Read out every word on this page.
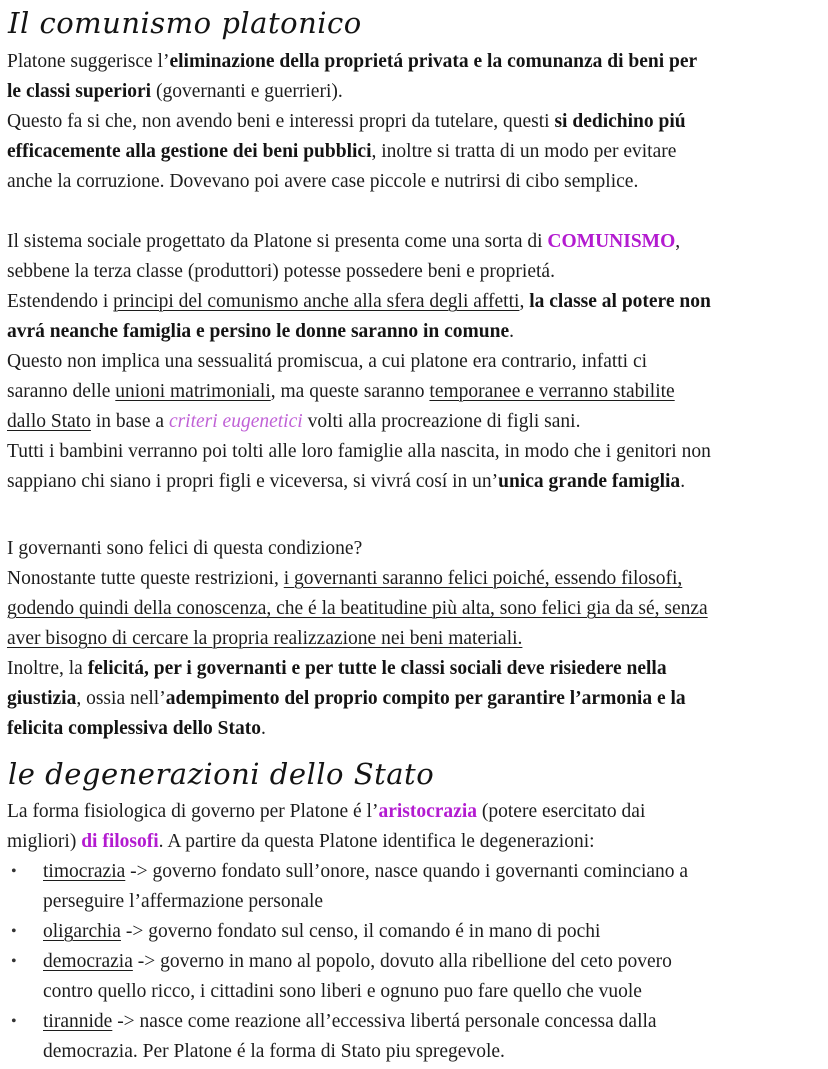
Il comunismo platonico
Platone suggerisce l’eliminazione della proprietá privata e la comunanza di beni per
le classi superiori (governanti e guerrieri).
Questo fa si che, non avendo beni e interessi propri da tutelare, questi si dedichino piú
efficacemente alla gestione dei beni pubblici, inoltre si tratta di un modo per evitare
anche la corruzione. Dovevano poi avere case piccole e nutrirsi di cibo semplice.
Il sistema sociale progettato da Platone si presenta come una sorta di COMUNISMO,
sebbene la terza classe (produttori) potesse possedere beni e proprietá.
Estendendo i principi del comunismo anche alla sfera degli affetti, la classe al potere non
avrá neanche famiglia e persino le donne saranno in comune.
Questo non implica una sessualitá promiscua, a cui platone era contrario, infatti ci
saranno delle unioni matrimoniali, ma queste saranno temporanee e verranno stabilite
dallo Stato in base a criteri eugenetici volti alla procreazione di figli sani.
Tutti i bambini verranno poi tolti alle loro famiglie alla nascita, in modo che i genitori non
sappiano chi siano i propri figli e viceversa, si vivrá cosí in un’unica grande famiglia.
I governanti sono felici di questa condizione?
Nonostante tutte queste restrizioni, i governanti saranno felici poiché, essendo filosofi,
godendo quindi della conoscenza, che é la beatitudine più alta, sono felici gia da sé, senza
aver bisogno di cercare la propria realizzazione nei beni materiali.
Inoltre, la felicitá, per i governanti e per tutte le classi sociali deve risiedere nella
giustizia, ossia nell’adempimento del proprio compito per garantire l’armonia e la
felicita complessiva dello Stato.
le degenerazioni dello Stato
La forma fisiologica di governo per Platone é l’aristocrazia (potere esercitato dai
migliori) di filosofi. A partire da questa Platone identifica le degenerazioni:
• timocrazia -> governo fondato sull’onore, nasce quando i governanti cominciano a
perseguire l’affermazione personale
• oligarchia -> governo fondato sul censo, il comando é in mano di pochi
• democrazia -> governo in mano al popolo, dovuto alla ribellione del ceto povero
contro quello ricco, i cittadini sono liberi e ognuno puo fare quello che vuole
• tirannide -> nasce come reazione all’eccessiva libertá personale concessa dalla
democrazia. Per Platone é la forma di Stato piu spregevole.
